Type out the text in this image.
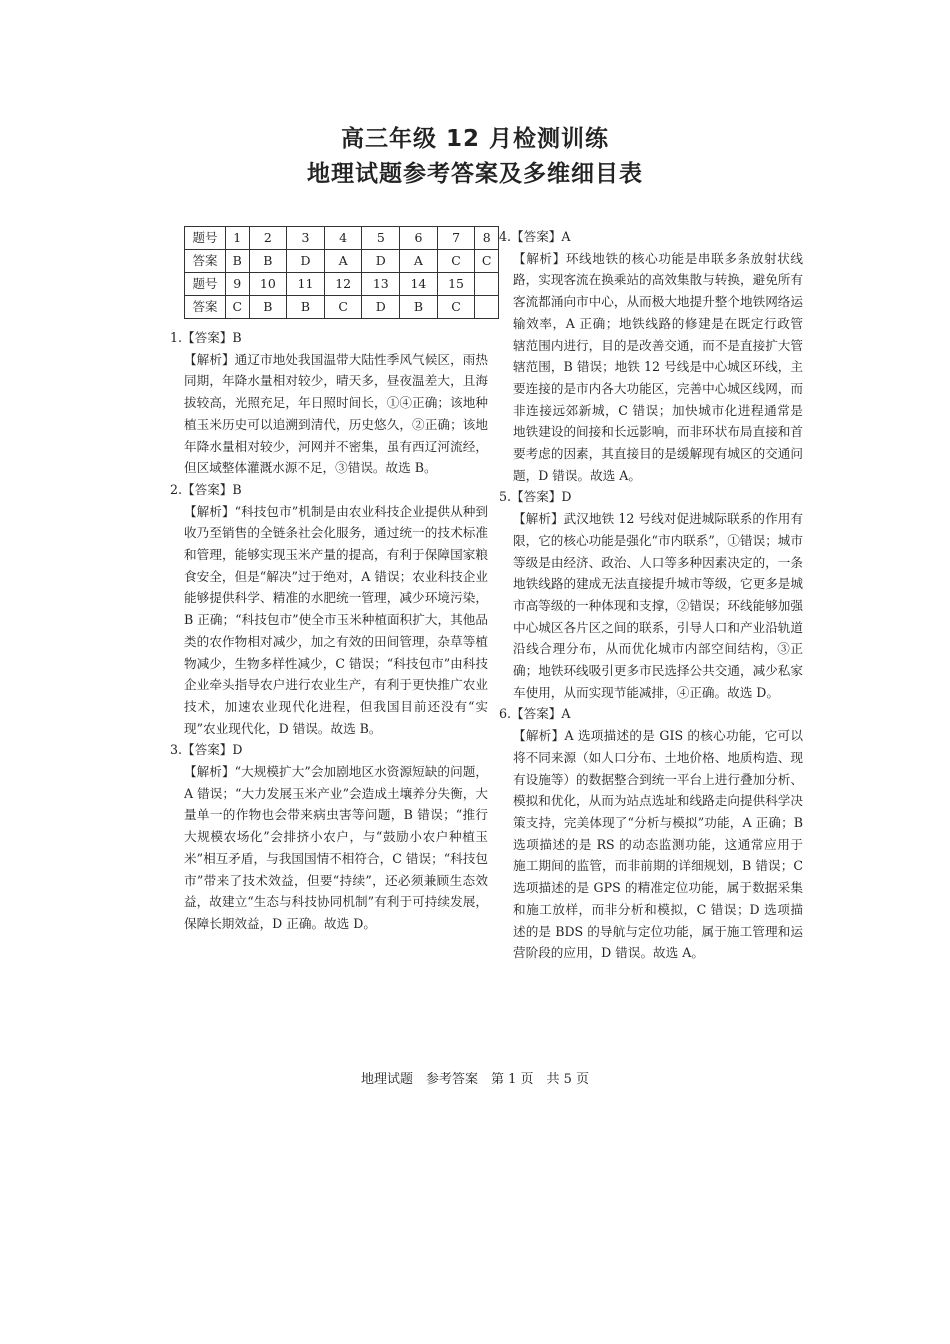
高三年级 12 月检测训练
地理试题参考答案及多维细目表
题号	1	2	3	4	5	6	7	8
答案	B	B	D	A	D	A	C	C
题号	9	10	11	12	13	14	15	
答案	C	B	B	C	D	B	C	

1.【答案】B

【解析】通辽市地处我国温带大陆性季风气候区，雨热同期，年降水量相对较少，晴天多，昼夜温差大，且海拔较高，光照充足，年日照时间长，①④正确；该地种植玉米历史可以追溯到清代，历史悠久，②正确；该地年降水量相对较少，河网并不密集，虽有西辽河流经，但区域整体灌溉水源不足，③错误。故选 B。

2.【答案】B

【解析】“科技包市”机制是由农业科技企业提供从种到收乃至销售的全链条社会化服务，通过统一的技术标准和管理，能够实现玉米产量的提高，有利于保障国家粮食安全，但是“解决”过于绝对，A 错误；农业科技企业能够提供科学、精准的水肥统一管理，减少环境污染，B 正确；“科技包市”使全市玉米种植面积扩大，其他品类的农作物相对减少，加之有效的田间管理，杂草等植物减少，生物多样性减少，C 错误；“科技包市”由科技企业牵头指导农户进行农业生产，有利于更快推广农业技术，加速农业现代化进程，但我国目前还没有“实现”农业现代化，D 错误。故选 B。

3.【答案】D

【解析】“大规模扩大”会加剧地区水资源短缺的问题，A 错误；“大力发展玉米产业”会造成土壤养分失衡，大量单一的作物也会带来病虫害等问题，B 错误；“推行大规模农场化”会排挤小农户，与“鼓励小农户种植玉米”相互矛盾，与我国国情不相符合，C 错误；“科技包市”带来了技术效益，但要“持续”，还必须兼顾生态效益，故建立“生态与科技协同机制”有利于可持续发展，保障长期效益，D 正确。故选 D。

4.【答案】A

【解析】环线地铁的核心功能是串联多条放射状线路，实现客流在换乘站的高效集散与转换，避免所有客流都涌向市中心，从而极大地提升整个地铁网络运输效率，A 正确；地铁线路的修建是在既定行政管辖范围内进行，目的是改善交通，而不是直接扩大管辖范围，B 错误；地铁 12 号线是中心城区环线，主要连接的是市内各大功能区，完善中心城区线网，而非连接远郊新城，C 错误；加快城市化进程通常是地铁建设的间接和长远影响，而非环状布局直接和首要考虑的因素，其直接目的是缓解现有城区的交通问题，D 错误。故选 A。

5.【答案】D

【解析】武汉地铁 12 号线对促进城际联系的作用有限，它的核心功能是强化“市内联系”，①错误；城市等级是由经济、政治、人口等多种因素决定的，一条地铁线路的建成无法直接提升城市等级，它更多是城市高等级的一种体现和支撑，②错误；环线能够加强中心城区各片区之间的联系，引导人口和产业沿轨道沿线合理分布，从而优化城市内部空间结构，③正确；地铁环线吸引更多市民选择公共交通，减少私家车使用，从而实现节能减排，④正确。故选 D。

6.【答案】A

【解析】A 选项描述的是 GIS 的核心功能，它可以将不同来源（如人口分布、土地价格、地质构造、现有设施等）的数据整合到统一平台上进行叠加分析、模拟和优化，从而为站点选址和线路走向提供科学决策支持，完美体现了“分析与模拟”功能，A 正确；B 选项描述的是 RS 的动态监测功能，这通常应用于施工期间的监管，而非前期的详细规划，B 错误；C 选项描述的是 GPS 的精准定位功能，属于数据采集和施工放样，而非分析和模拟，C 错误；D 选项描述的是 BDS 的导航与定位功能，属于施工管理和运营阶段的应用，D 错误。故选 A。

地理试题　参考答案　第 1 页　共 5 页
